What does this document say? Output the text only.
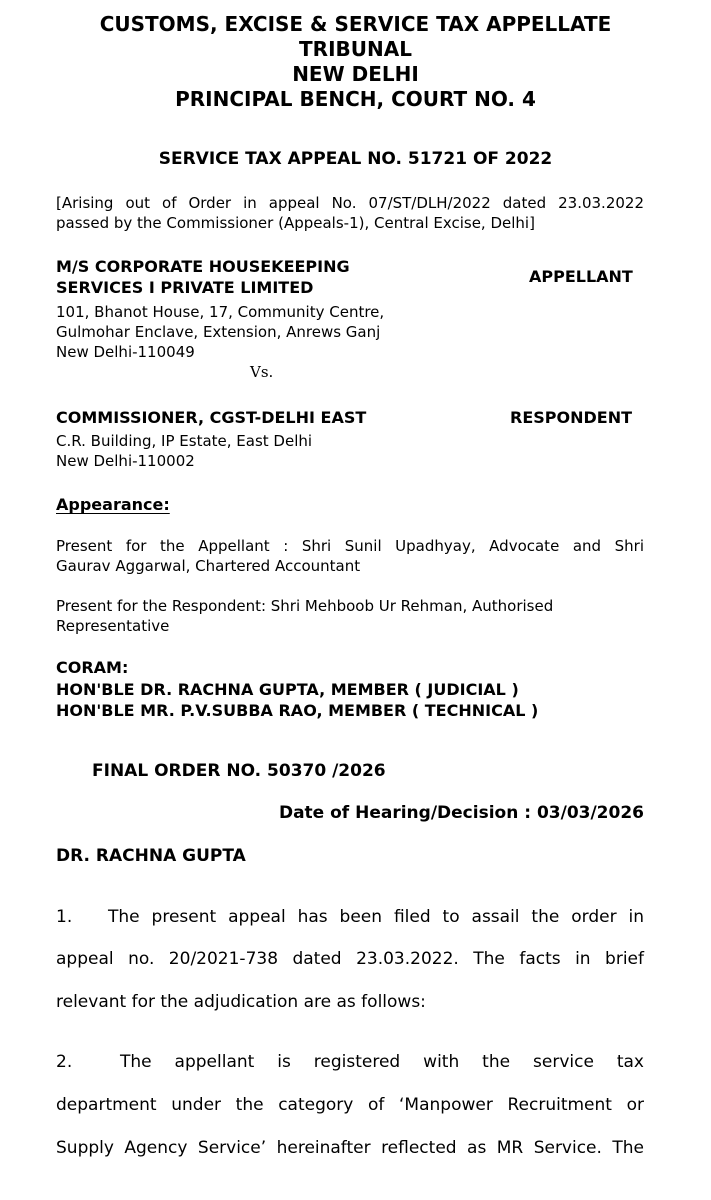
CUSTOMS, EXCISE & SERVICE TAX APPELLATE
TRIBUNAL
NEW DELHI
PRINCIPAL BENCH, COURT NO. 4
SERVICE TAX APPEAL NO. 51721 OF 2022
[Arising out of Order in appeal No. 07/ST/DLH/2022 dated 23.03.2022
passed by the Commissioner (Appeals-1), Central Excise, Delhi]
M/S CORPORATE HOUSEKEEPING
APPELLANT
SERVICES I PRIVATE LIMITED
101, Bhanot House, 17, Community Centre,
Gulmohar Enclave, Extension, Anrews Ganj
New Delhi-110049
Vs.
COMMISSIONER, CGST-DELHI EAST	RESPONDENT
C.R. Building, IP Estate, East Delhi
New Delhi-110002
Appearance:
Present for the Appellant : Shri Sunil Upadhyay, Advocate and Shri
Gaurav Aggarwal, Chartered Accountant
Present for the Respondent: Shri Mehboob Ur Rehman, Authorised
Representative
CORAM:
HON'BLE DR. RACHNA GUPTA, MEMBER ( JUDICIAL )
HON'BLE MR. P.V.SUBBA RAO, MEMBER ( TECHNICAL )
FINAL ORDER NO. 50370 /2026
Date of Hearing/Decision : 03/03/2026
DR. RACHNA GUPTA
1. The present appeal has been filed to assail the order in
appeal no. 20/2021-738 dated 23.03.2022. The facts in brief
relevant for the adjudication are as follows:
2.	The appellant is registered with the service tax
department under the category of ‘Manpower Recruitment or
Supply Agency Service’ hereinafter reflected as MR Service. The
